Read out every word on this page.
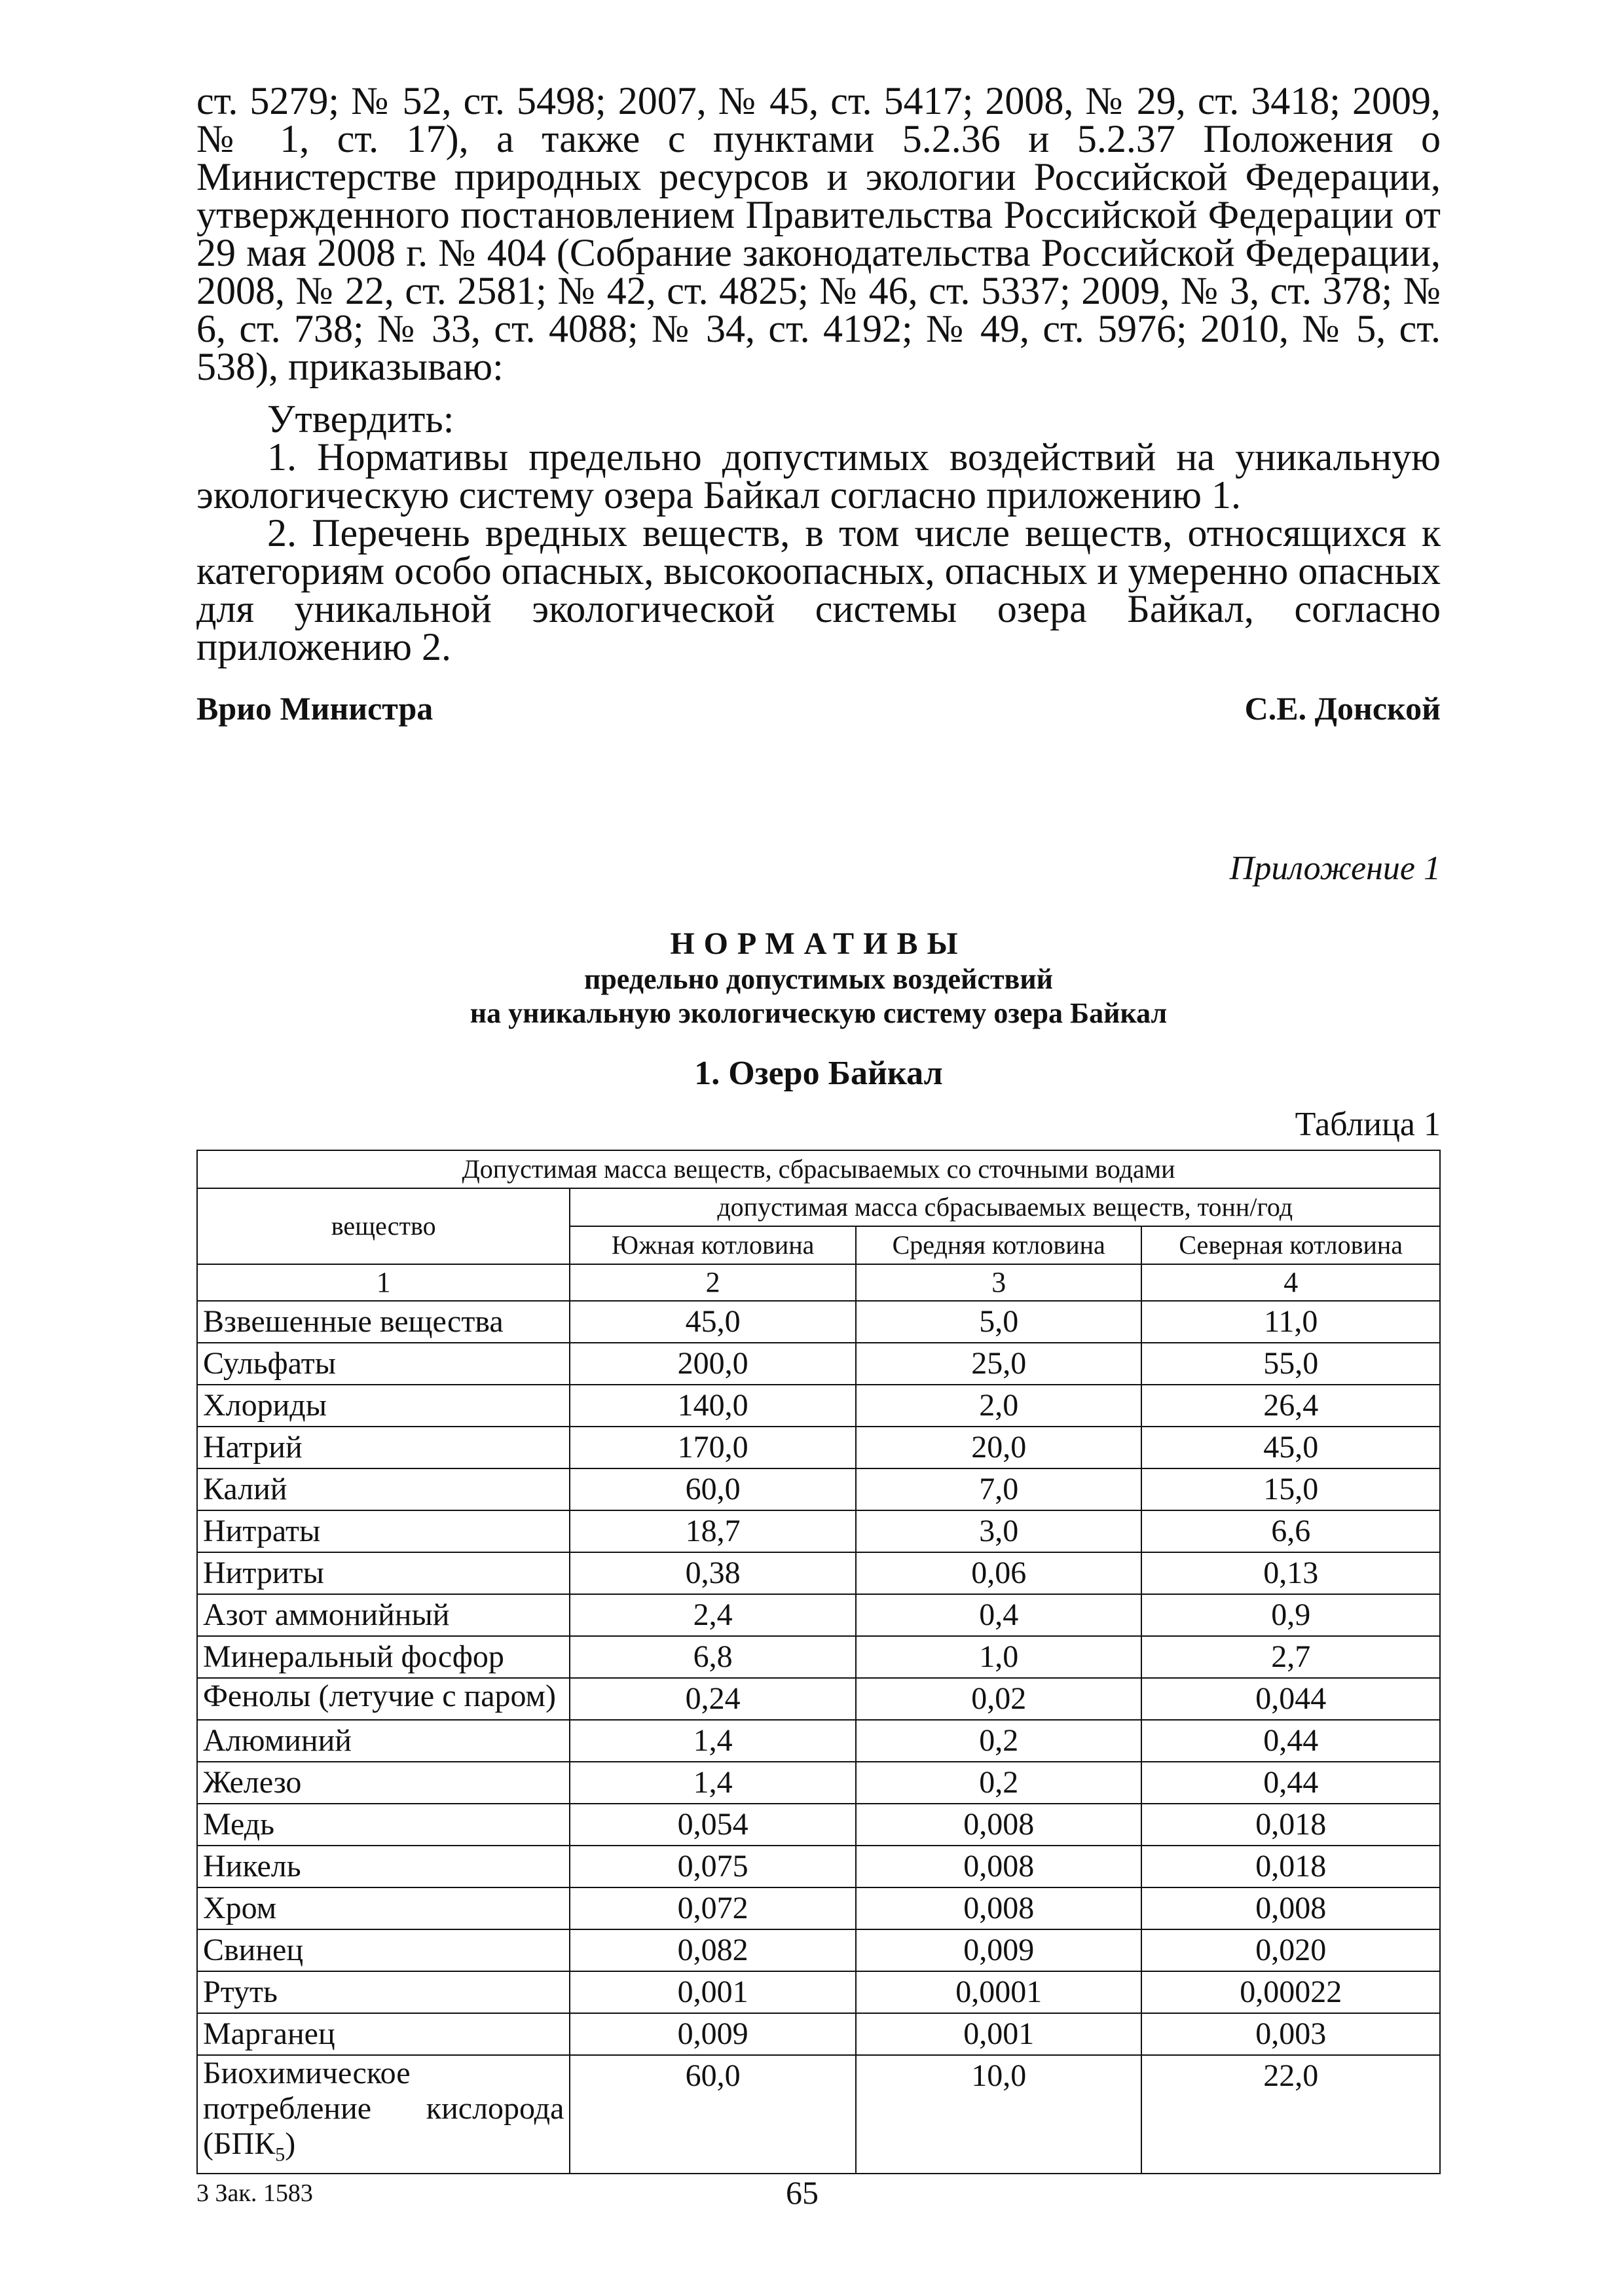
ст. 5279; № 52, ст. 5498; 2007, № 45, ст. 5417; 2008, № 29, ст. 3418; 2009, № 1, ст. 17), а также с пунктами 5.2.36 и 5.2.37 Положения о Министерстве природных ресурсов и экологии Российской Федерации, утвержденного постановлением Правительства Российской Федерации от 29 мая 2008 г. № 404 (Собрание законодательства Российской Федерации, 2008, № 22, ст. 2581; № 42, ст. 4825; № 46, ст. 5337; 2009, № 3, ст. 378; № 6, ст. 738; № 33, ст. 4088; № 34, ст. 4192; № 49, ст. 5976; 2010, № 5, ст. 538), приказываю:

Утвердить:

1. Нормативы предельно допустимых воздействий на уникальную экологическую систему озера Байкал согласно приложению 1.

2. Перечень вредных веществ, в том числе веществ, относящихся к категориям особо опасных, высокоопасных, опасных и умеренно опасных для уникальной экологической системы озера Байкал, согласно приложению 2.

Врио Министра	С.Е. Донской
Приложение 1
НОРМАТИВЫ
предельно допустимых воздействий
на уникальную экологическую систему озера Байкал
1. Озеро Байкал
Таблица 1
Допустимая масса веществ, сбрасываемых со сточными водами			
вещество	допустимая масса сбрасываемых веществ, тонн/год		
	Южная котловина	Средняя котловина	Северная котловина
1	2	3	4
Взвешенные вещества	45,0	5,0	11,0
Сульфаты	200,0	25,0	55,0
Хлориды	140,0	2,0	26,4
Натрий	170,0	20,0	45,0
Калий	60,0	7,0	15,0
Нитраты	18,7	3,0	6,6
Нитриты	0,38	0,06	0,13
Азот аммонийный	2,4	0,4	0,9
Минеральный фосфор	6,8	1,0	2,7
Фенолы (летучие с паром)	0,24	0,02	0,044
Алюминий	1,4	0,2	0,44
Железо	1,4	0,2	0,44
Медь	0,054	0,008	0,018
Никель	0,075	0,008	0,018
Хром	0,072	0,008	0,008
Свинец	0,082	0,009	0,020
Ртуть	0,001	0,0001	0,00022
Марганец	0,009	0,001	0,003
Биохимическое потребление кислорода $(БПК_5)$	60,0	10,0	22,0
3 Зак. 1583	65
